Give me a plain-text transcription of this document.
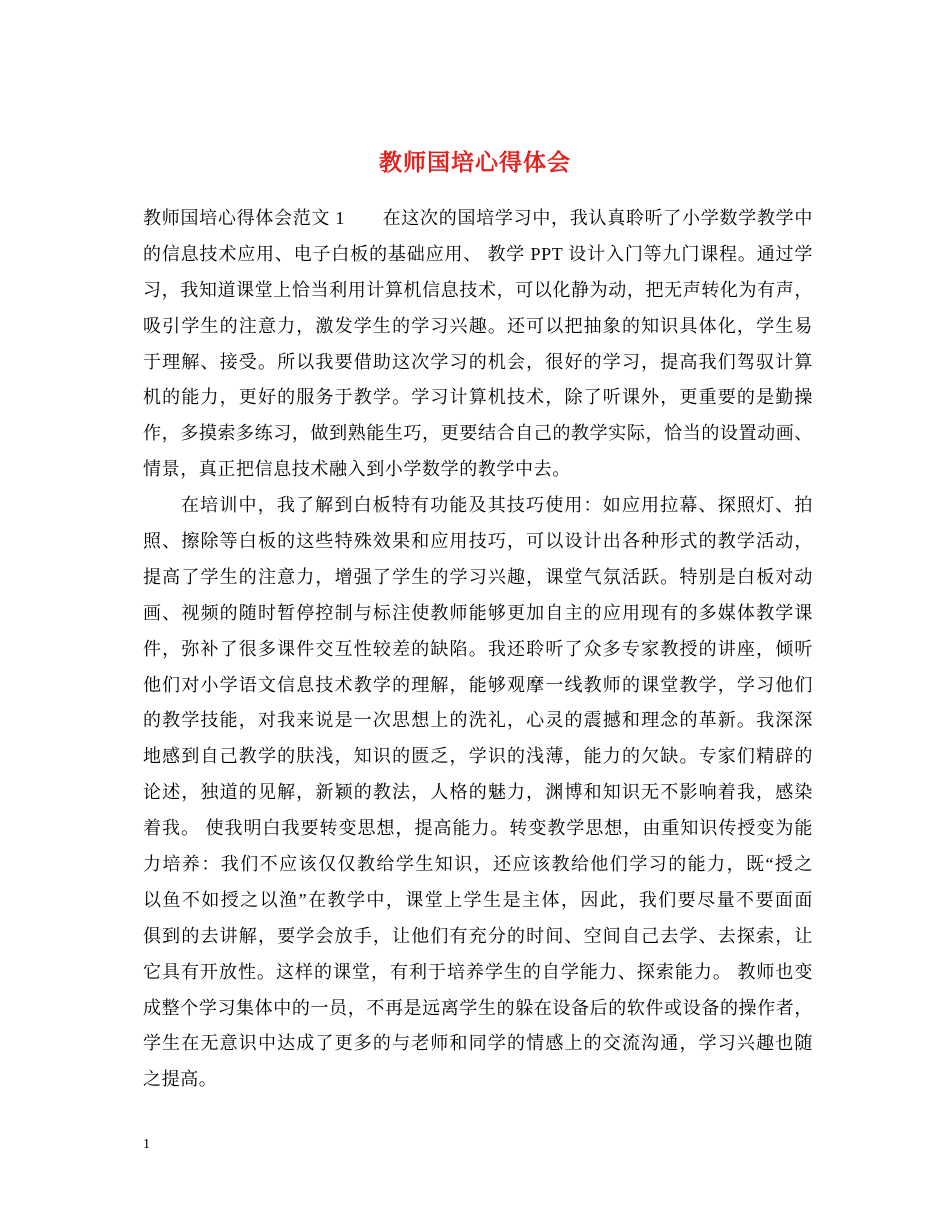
教师国培心得体会
教师国培心得体会范文 1　　在这次的国培学习中，我认真聆听了小学数学教学中
的信息技术应用、电子白板的基础应用、 教学 PPT 设计入门等九门课程。通过学
习，我知道课堂上恰当利用计算机信息技术，可以化静为动，把无声转化为有声，
吸引学生的注意力，激发学生的学习兴趣。还可以把抽象的知识具体化，学生易
于理解、接受。所以我要借助这次学习的机会，很好的学习，提高我们驾驭计算
机的能力，更好的服务于教学。学习计算机技术，除了听课外，更重要的是勤操
作，多摸索多练习，做到熟能生巧，更要结合自己的教学实际，恰当的设置动画、
情景，真正把信息技术融入到小学数学的教学中去。
在培训中，我了解到白板特有功能及其技巧使用：如应用拉幕、探照灯、拍
照、擦除等白板的这些特殊效果和应用技巧，可以设计出各种形式的教学活动，
提高了学生的注意力，增强了学生的学习兴趣，课堂气氛活跃。特别是白板对动
画、视频的随时暂停控制与标注使教师能够更加自主的应用现有的多媒体教学课
件，弥补了很多课件交互性较差的缺陷。我还聆听了众多专家教授的讲座，倾听
他们对小学语文信息技术教学的理解，能够观摩一线教师的课堂教学，学习他们
的教学技能，对我来说是一次思想上的洗礼，心灵的震撼和理念的革新。我深深
地感到自己教学的肤浅，知识的匮乏，学识的浅薄，能力的欠缺。专家们精辟的
论述，独道的见解，新颖的教法，人格的魅力，渊博和知识无不影响着我，感染
着我。 使我明白我要转变思想，提高能力。转变教学思想，由重知识传授变为能
力培养：我们不应该仅仅教给学生知识，还应该教给他们学习的能力，既“授之
以鱼不如授之以渔”在教学中，课堂上学生是主体，因此，我们要尽量不要面面
俱到的去讲解，要学会放手，让他们有充分的时间、空间自己去学、去探索，让
它具有开放性。这样的课堂，有利于培养学生的自学能力、探索能力。 教师也变
成整个学习集体中的一员，不再是远离学生的躲在设备后的软件或设备的操作者，
学生在无意识中达成了更多的与老师和同学的情感上的交流沟通，学习兴趣也随
之提高。
1
